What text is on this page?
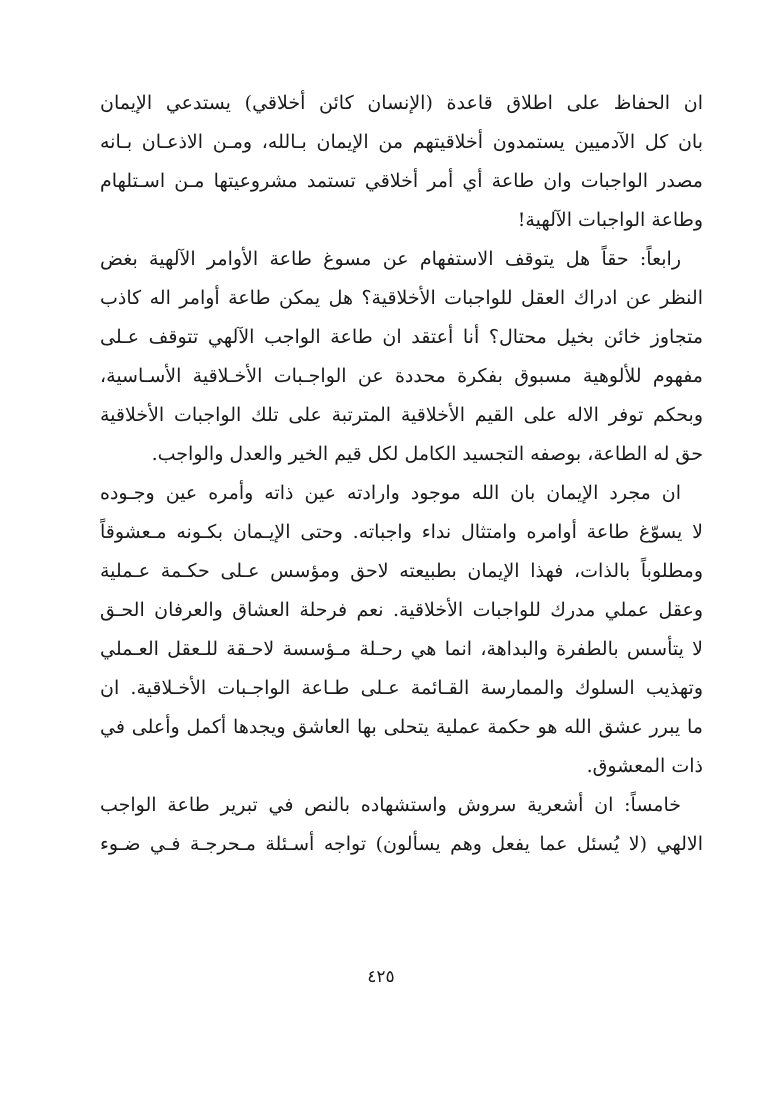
ان الحفاظ على اطلاق قاعدة (الإنسان كائن أخلاقي) يستدعي الإيمان
بان كل الآدميين يستمدون أخلاقيتهم من الإيمان بـالله، ومـن الاذعـان بـانه
مصدر الواجبات وان طاعة أي أمر أخلاقي تستمد مشروعيتها مـن اسـتلهام
وطاعة الواجبات الآلهية!
رابعاً: حقاً هل يتوقف الاستفهام عن مسوغ طاعة الأوامر الآلهية بغض
النظر عن ادراك العقل للواجبات الأخلاقية؟ هل يمكن طاعة أوامر اله كاذب
متجاوز خائن بخيل محتال؟ أنا أعتقد ان طاعة الواجب الآلهي تتوقف عـلى
مفهوم للألوهية مسبوق بفكرة محددة عن الواجـبات الأخـلاقية الأسـاسية،
وبحكم توفر الاله على القيم الأخلاقية المترتبة على تلك الواجبات الأخلاقية
حق له الطاعة، بوصفه التجسيد الكامل لكل قيم الخير والعدل والواجب.
ان مجرد الإيمان بان الله موجود وارادته عين ذاته وأمره عين وجـوده
لا يسوّغ طاعة أوامره وامتثال نداء واجباته. وحتى الإيـمان بكـونه مـعشوقاً
ومطلوباً بالذات، فهذا الإيمان بطبيعته لاحق ومؤسس عـلى حكـمة عـملية
وعقل عملي مدرك للواجبات الأخلاقية. نعم فرحلة العشاق والعرفان الحـق
لا يتأسس بالطفرة والبداهة، انما هي رحـلة مـؤسسة لاحـقة للـعقل العـملي
وتهذيب السلوك والممارسة القـائمة عـلى طـاعة الواجـبات الأخـلاقية. ان
ما يبرر عشق الله هو حكمة عملية يتحلى بها العاشق ويجدها أكمل وأعلى في
ذات المعشوق.
خامساً: ان أشعرية سروش واستشهاده بالنص في تبرير طاعة الواجب
الالهي (لا يُسئل عما يفعل وهم يسألون) تواجه أسـئلة مـحرجـة فـي ضـوء
٤٢٥
